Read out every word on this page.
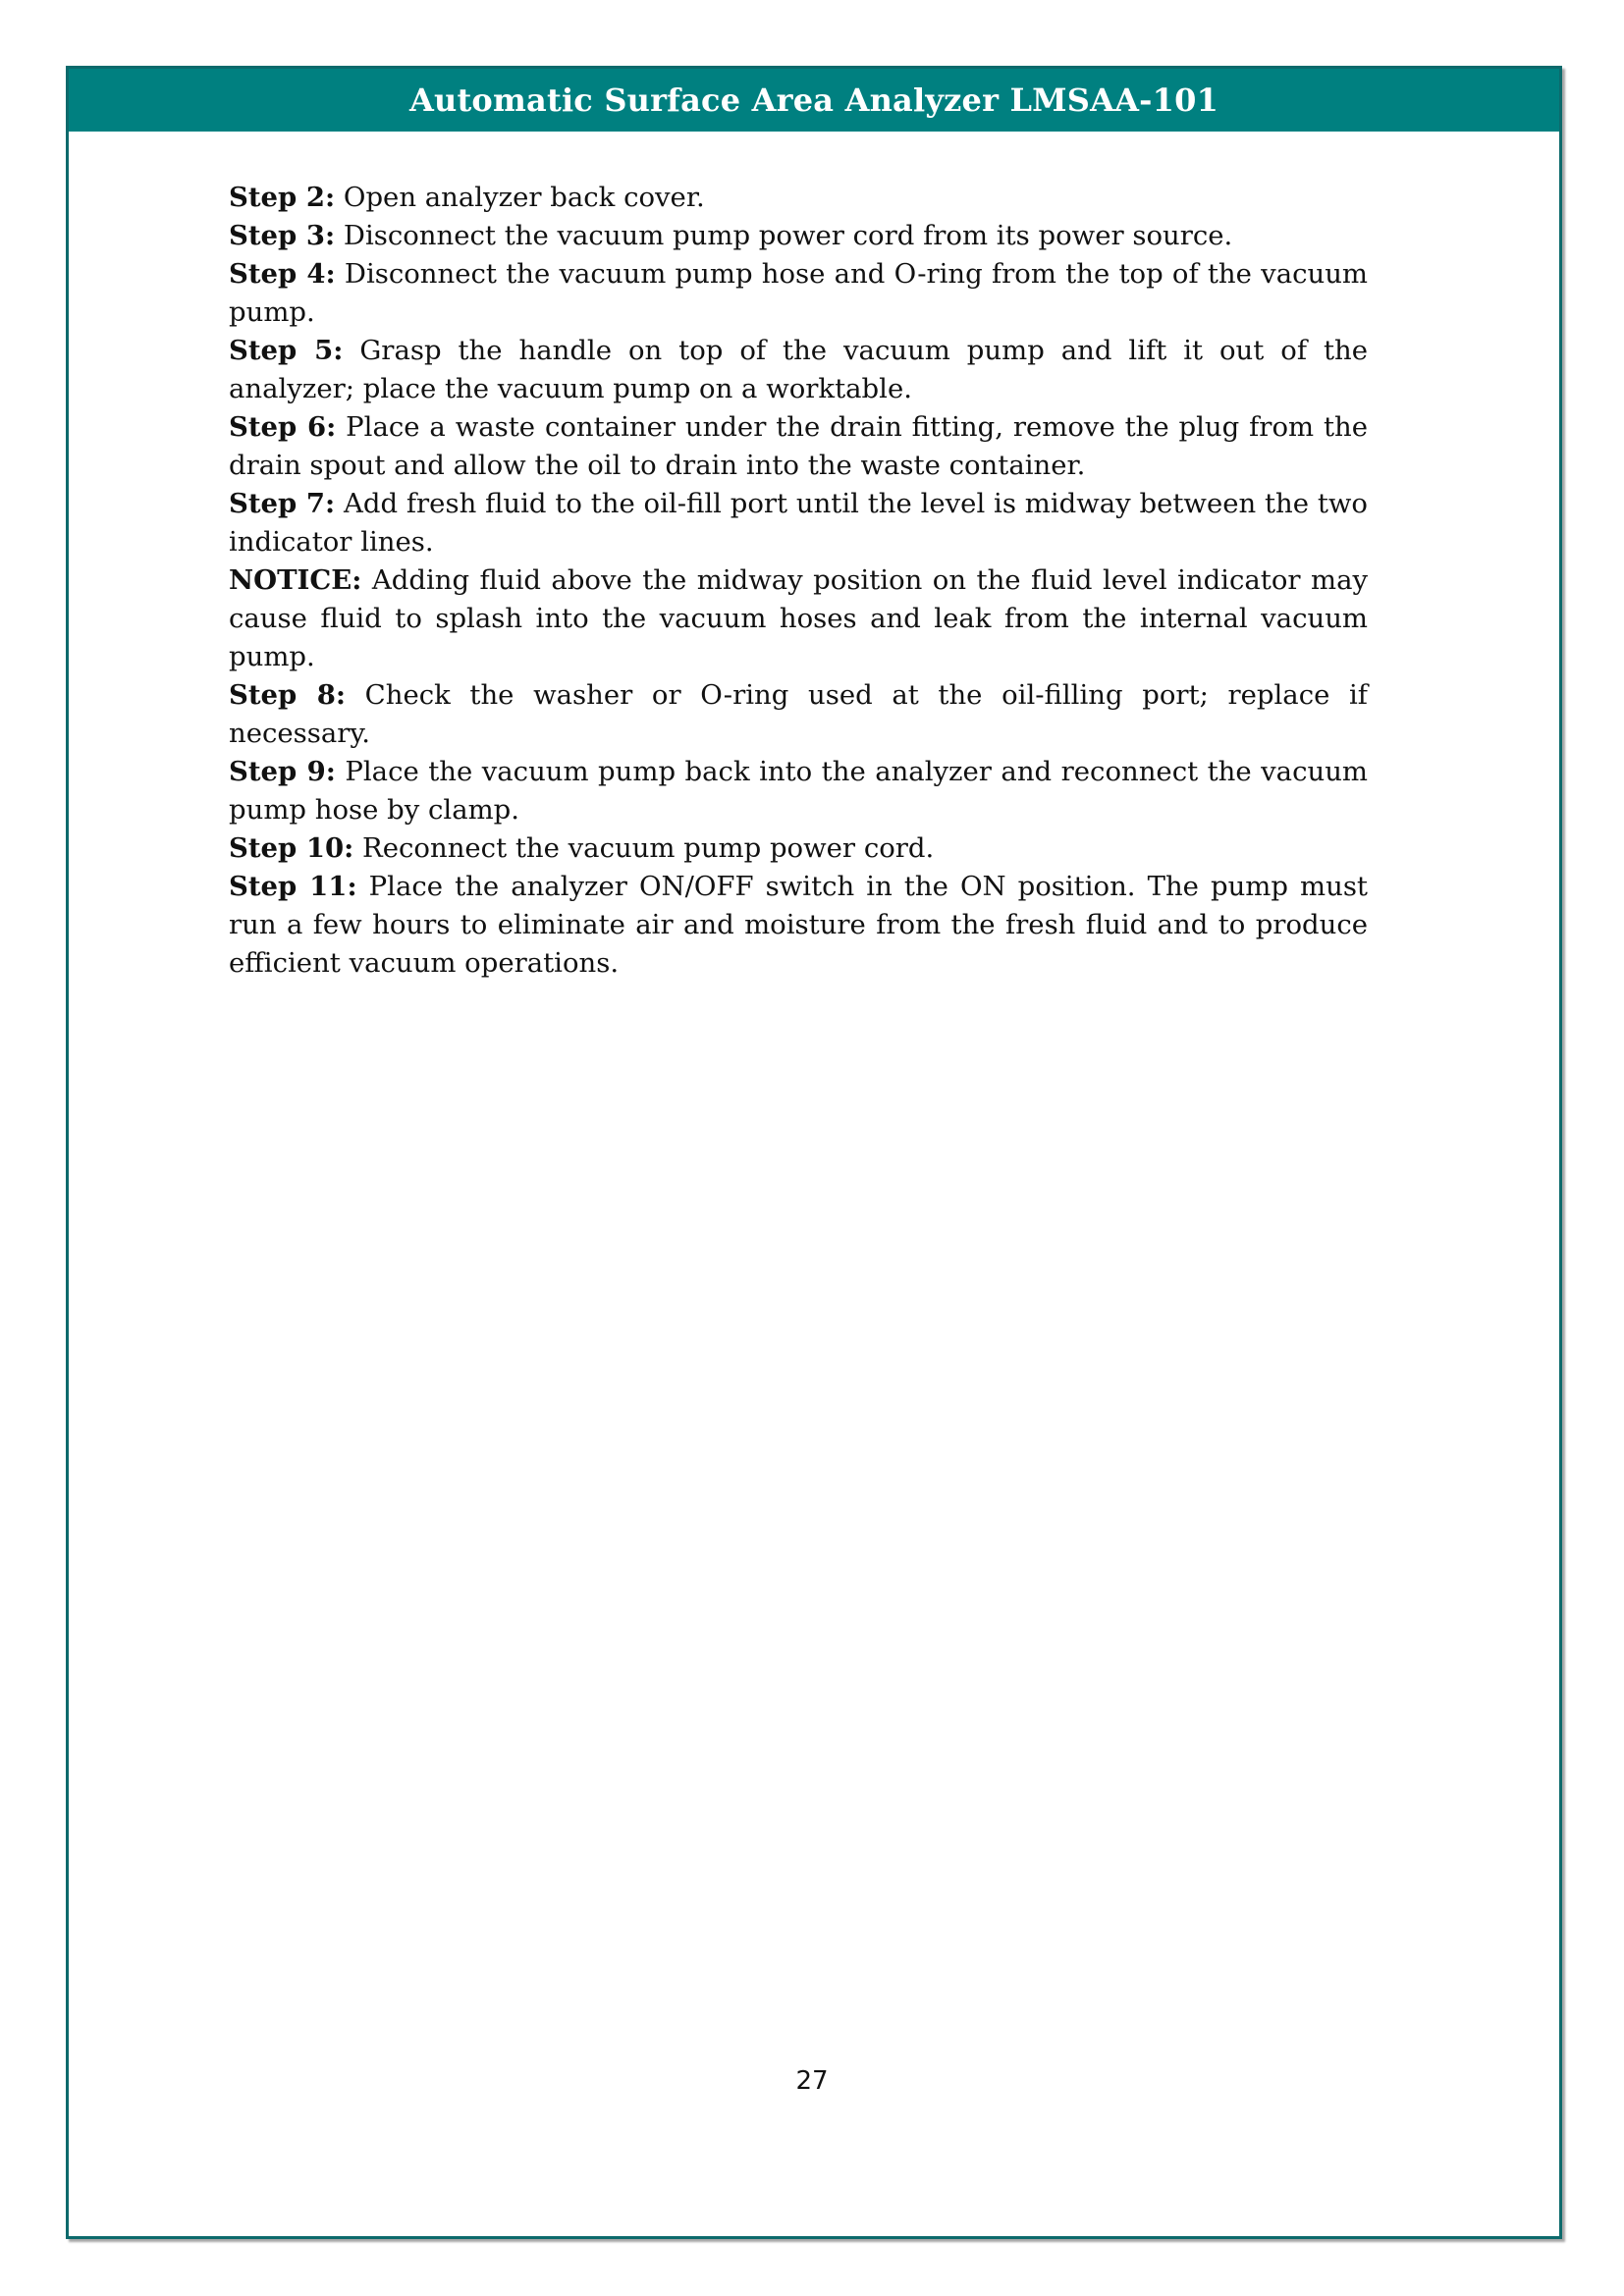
Automatic Surface Area Analyzer LMSAA-101

Step 2: Open analyzer back cover.

Step 3: Disconnect the vacuum pump power cord from its power source.

Step 4: Disconnect the vacuum pump hose and O-ring from the top of the vacuum pump.

Step 5: Grasp the handle on top of the vacuum pump and lift it out of the analyzer; place the vacuum pump on a worktable.

Step 6: Place a waste container under the drain fitting, remove the plug from the drain spout and allow the oil to drain into the waste container.

Step 7: Add fresh fluid to the oil-fill port until the level is midway between the two indicator lines.

NOTICE: Adding fluid above the midway position on the fluid level indicator may cause fluid to splash into the vacuum hoses and leak from the internal vacuum pump.

Step 8: Check the washer or O-ring used at the oil-filling port; replace if necessary.

Step 9: Place the vacuum pump back into the analyzer and reconnect the vacuum pump hose by clamp.

Step 10: Reconnect the vacuum pump power cord.

Step 11: Place the analyzer ON/OFF switch in the ON position. The pump must run a few hours to eliminate air and moisture from the fresh fluid and to produce efficient vacuum operations.

27
